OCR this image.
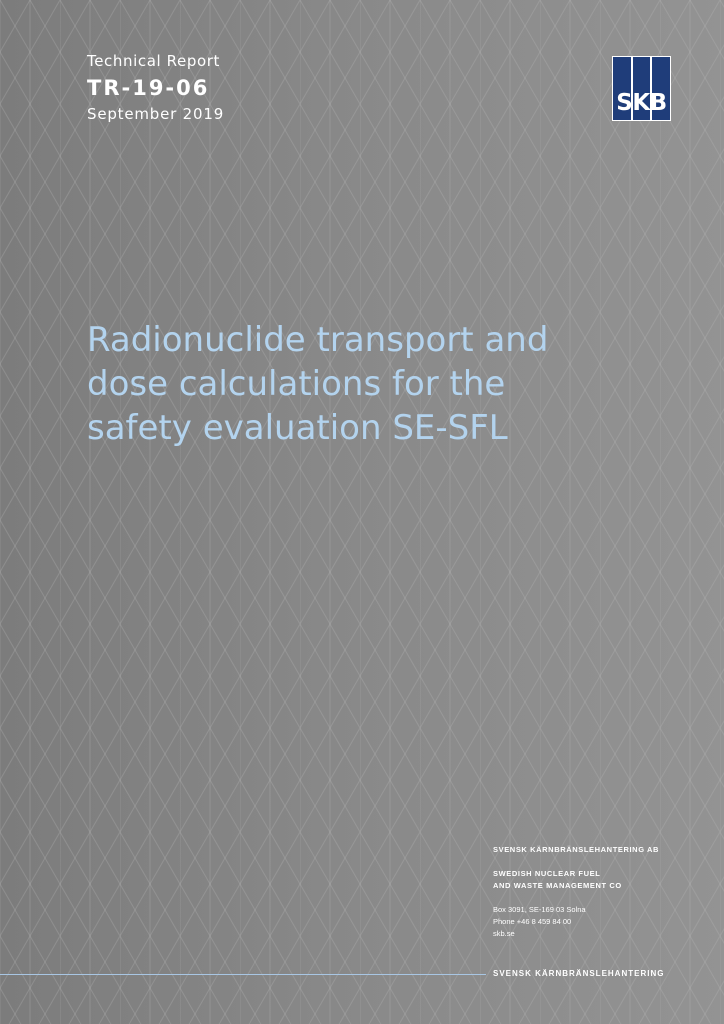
Technical Report
TR-19-06
September 2019	SKB
Radionuclide transport and
dose calculations for the
safety evaluation SE-SFL
SVENSK KÄRNBRÄNSLEHANTERING AB
SWEDISH NUCLEAR FUEL
AND WASTE MANAGEMENT CO
Box 3091, SE-169 03 Solna
Phone +46 8 459 84 00
skb.se
SVENSK KÄRNBRÄNSLEHANTERING
